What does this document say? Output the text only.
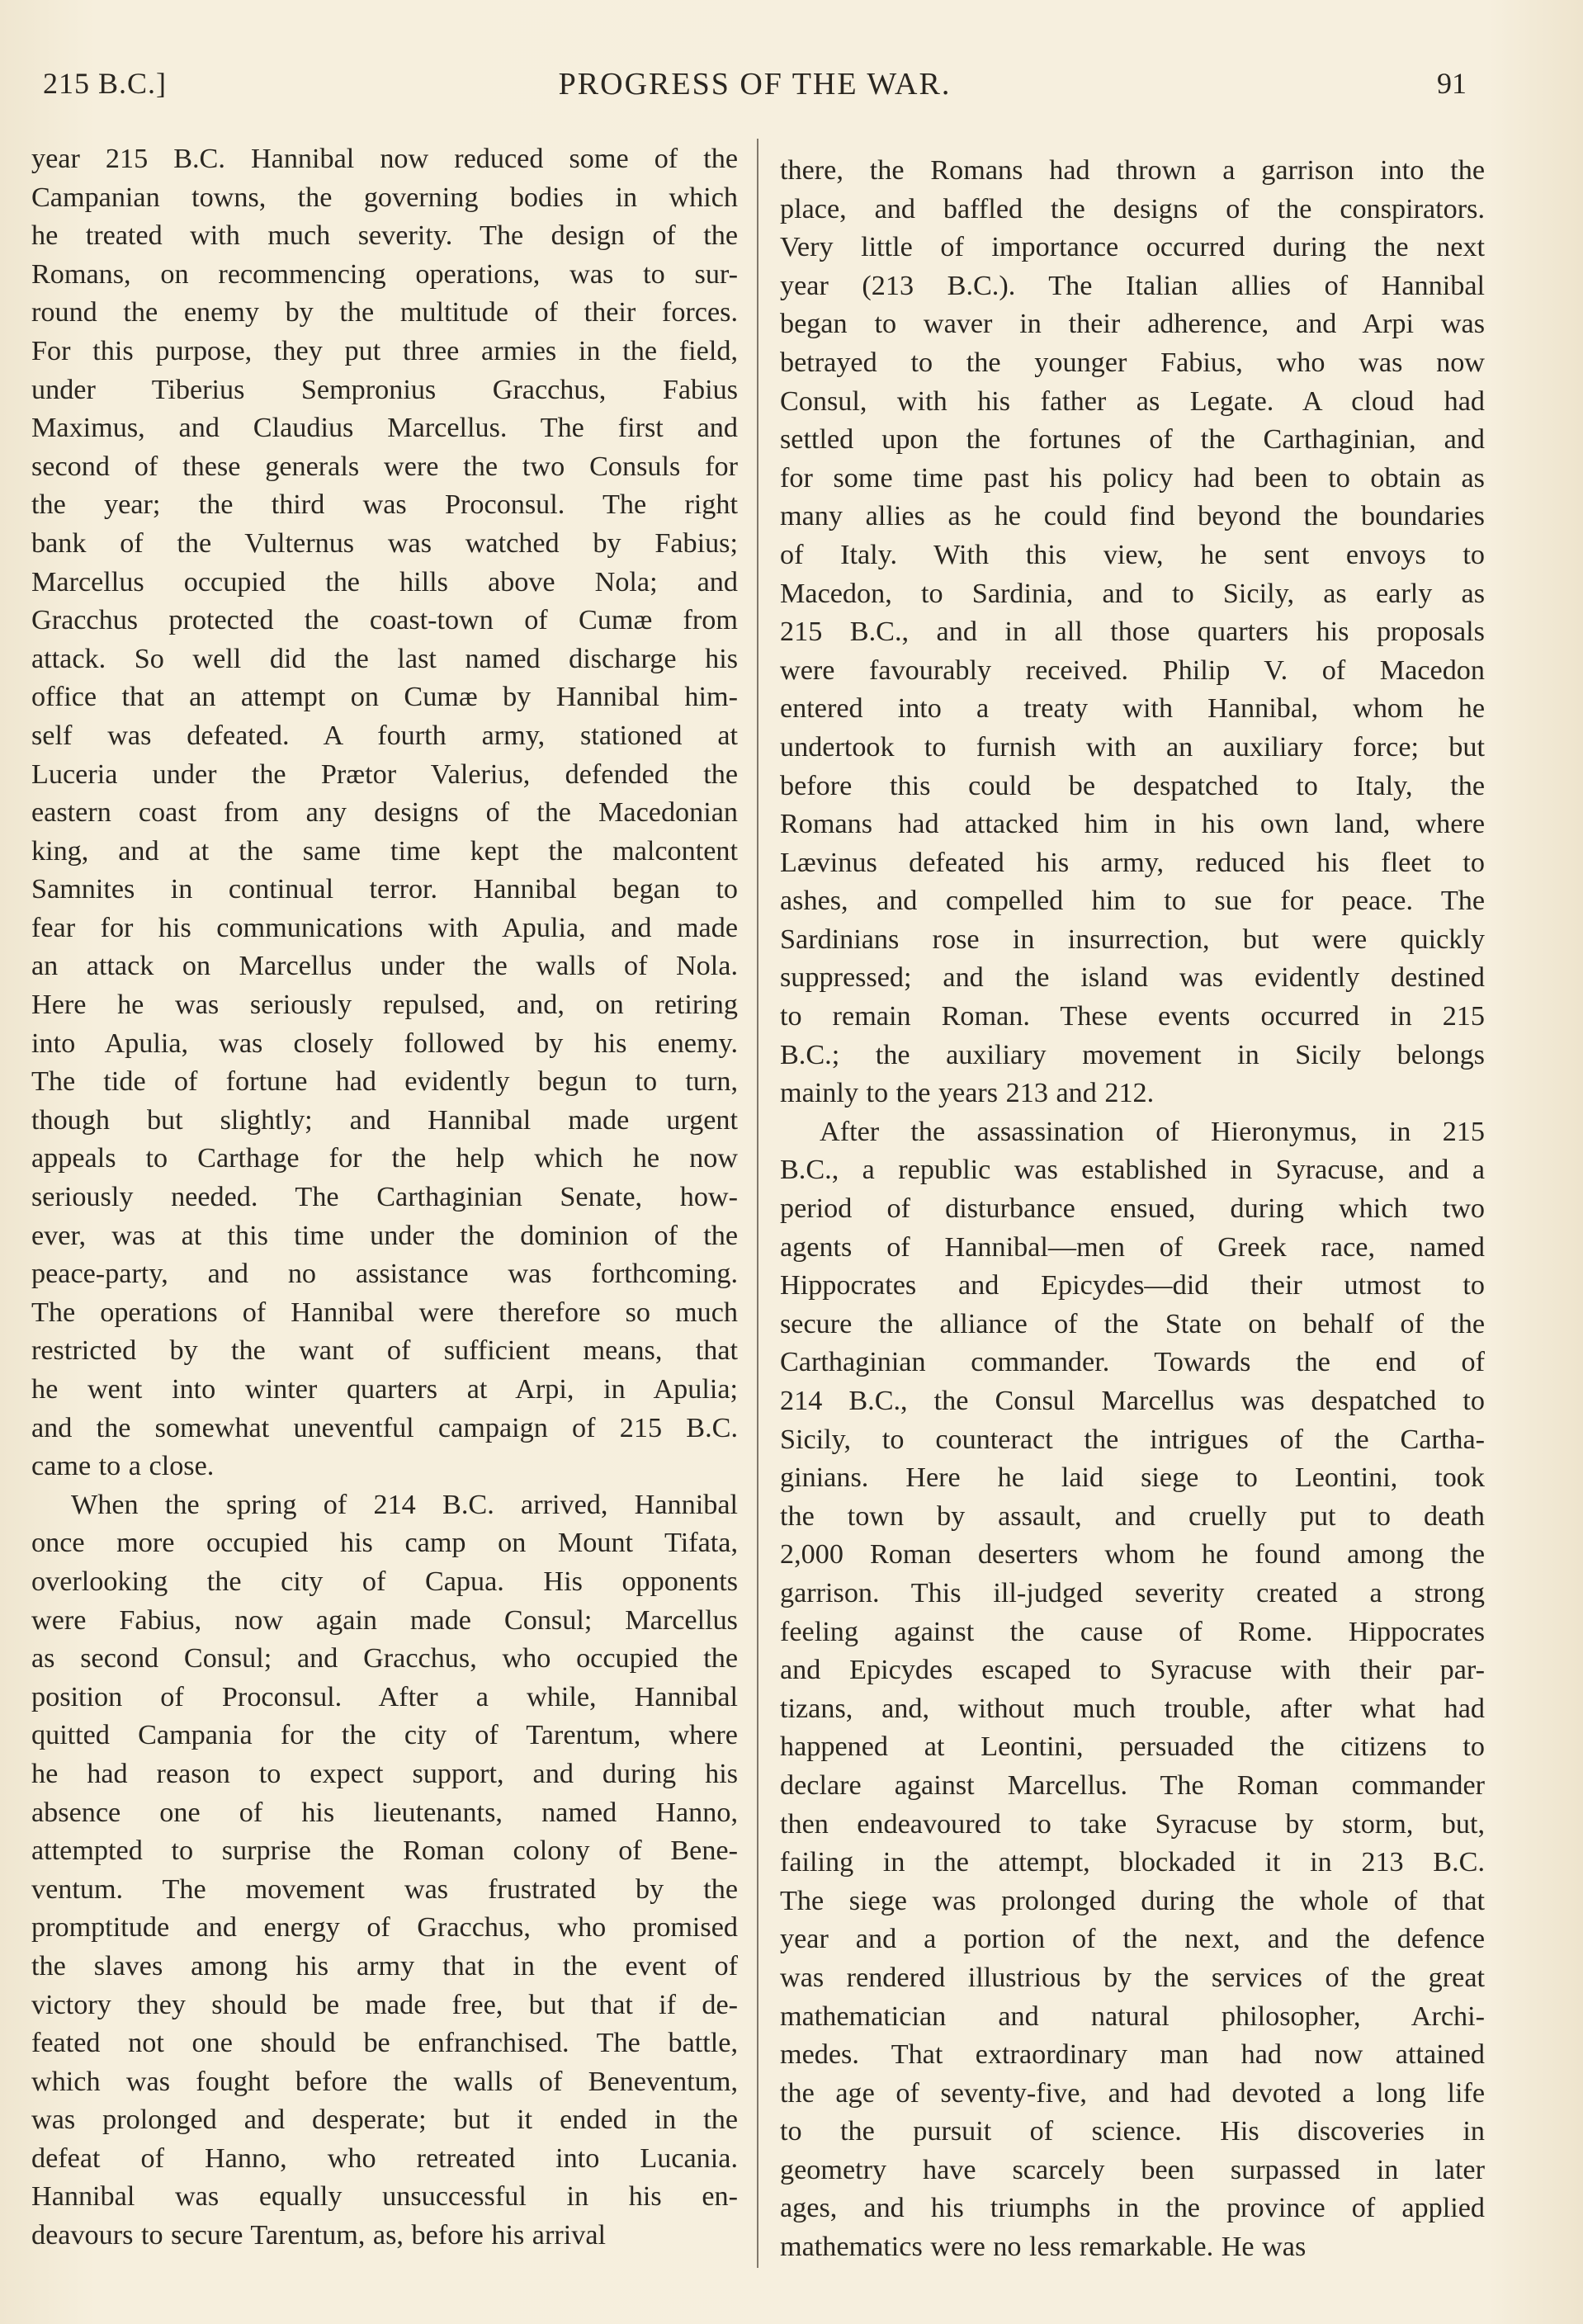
215 B.C.]	PROGRESS OF THE WAR.	91
year 215 B.C. Hannibal now reduced some of the
Campanian towns, the governing bodies in which
he treated with much severity. The design of the
Romans, on recommencing operations, was to sur-
round the enemy by the multitude of their forces.
For this purpose, they put three armies in the field,
under Tiberius Sempronius Gracchus, Fabius
Maximus, and Claudius Marcellus. The first and
second of these generals were the two Consuls for
the year; the third was Proconsul. The right
bank of the Vulternus was watched by Fabius;
Marcellus occupied the hills above Nola; and
Gracchus protected the coast-town of Cumæ from
attack. So well did the last named discharge his
office that an attempt on Cumæ by Hannibal him-
self was defeated. A fourth army, stationed at
Luceria under the Prætor Valerius, defended the
eastern coast from any designs of the Macedonian
king, and at the same time kept the malcontent
Samnites in continual terror. Hannibal began to
fear for his communications with Apulia, and made
an attack on Marcellus under the walls of Nola.
Here he was seriously repulsed, and, on retiring
into Apulia, was closely followed by his enemy.
The tide of fortune had evidently begun to turn,
though but slightly; and Hannibal made urgent
appeals to Carthage for the help which he now
seriously needed. The Carthaginian Senate, how-
ever, was at this time under the dominion of the
peace-party, and no assistance was forthcoming.
The operations of Hannibal were therefore so much
restricted by the want of sufficient means, that
he went into winter quarters at Arpi, in Apulia;
and the somewhat uneventful campaign of 215 B.C.
came to a close.
When the spring of 214 B.C. arrived, Hannibal
once more occupied his camp on Mount Tifata,
overlooking the city of Capua. His opponents
were Fabius, now again made Consul; Marcellus
as second Consul; and Gracchus, who occupied the
position of Proconsul. After a while, Hannibal
quitted Campania for the city of Tarentum, where
he had reason to expect support, and during his
absence one of his lieutenants, named Hanno,
attempted to surprise the Roman colony of Bene-
ventum. The movement was frustrated by the
promptitude and energy of Gracchus, who promised
the slaves among his army that in the event of
victory they should be made free, but that if de-
feated not one should be enfranchised. The battle,
which was fought before the walls of Beneventum,
was prolonged and desperate; but it ended in the
defeat of Hanno, who retreated into Lucania.
Hannibal was equally unsuccessful in his en-
deavours to secure Tarentum, as, before his arrival
there, the Romans had thrown a garrison into the
place, and baffled the designs of the conspirators.
Very little of importance occurred during the next
year (213 B.C.). The Italian allies of Hannibal
began to waver in their adherence, and Arpi was
betrayed to the younger Fabius, who was now
Consul, with his father as Legate. A cloud had
settled upon the fortunes of the Carthaginian, and
for some time past his policy had been to obtain as
many allies as he could find beyond the boundaries
of Italy. With this view, he sent envoys to
Macedon, to Sardinia, and to Sicily, as early as
215 B.C., and in all those quarters his proposals
were favourably received. Philip V. of Macedon
entered into a treaty with Hannibal, whom he
undertook to furnish with an auxiliary force; but
before this could be despatched to Italy, the
Romans had attacked him in his own land, where
Lævinus defeated his army, reduced his fleet to
ashes, and compelled him to sue for peace. The
Sardinians rose in insurrection, but were quickly
suppressed; and the island was evidently destined
to remain Roman. These events occurred in 215
B.C.; the auxiliary movement in Sicily belongs
mainly to the years 213 and 212.
After the assassination of Hieronymus, in 215
B.C., a republic was established in Syracuse, and a
period of disturbance ensued, during which two
agents of Hannibal—men of Greek race, named
Hippocrates and Epicydes—did their utmost to
secure the alliance of the State on behalf of the
Carthaginian commander. Towards the end of
214 B.C., the Consul Marcellus was despatched to
Sicily, to counteract the intrigues of the Cartha-
ginians. Here he laid siege to Leontini, took
the town by assault, and cruelly put to death
2,000 Roman deserters whom he found among the
garrison. This ill-judged severity created a strong
feeling against the cause of Rome. Hippocrates
and Epicydes escaped to Syracuse with their par-
tizans, and, without much trouble, after what had
happened at Leontini, persuaded the citizens to
declare against Marcellus. The Roman commander
then endeavoured to take Syracuse by storm, but,
failing in the attempt, blockaded it in 213 B.C.
The siege was prolonged during the whole of that
year and a portion of the next, and the defence
was rendered illustrious by the services of the great
mathematician and natural philosopher, Archi-
medes. That extraordinary man had now attained
the age of seventy-five, and had devoted a long life
to the pursuit of science. His discoveries in
geometry have scarcely been surpassed in later
ages, and his triumphs in the province of applied
mathematics were no less remarkable. He was
